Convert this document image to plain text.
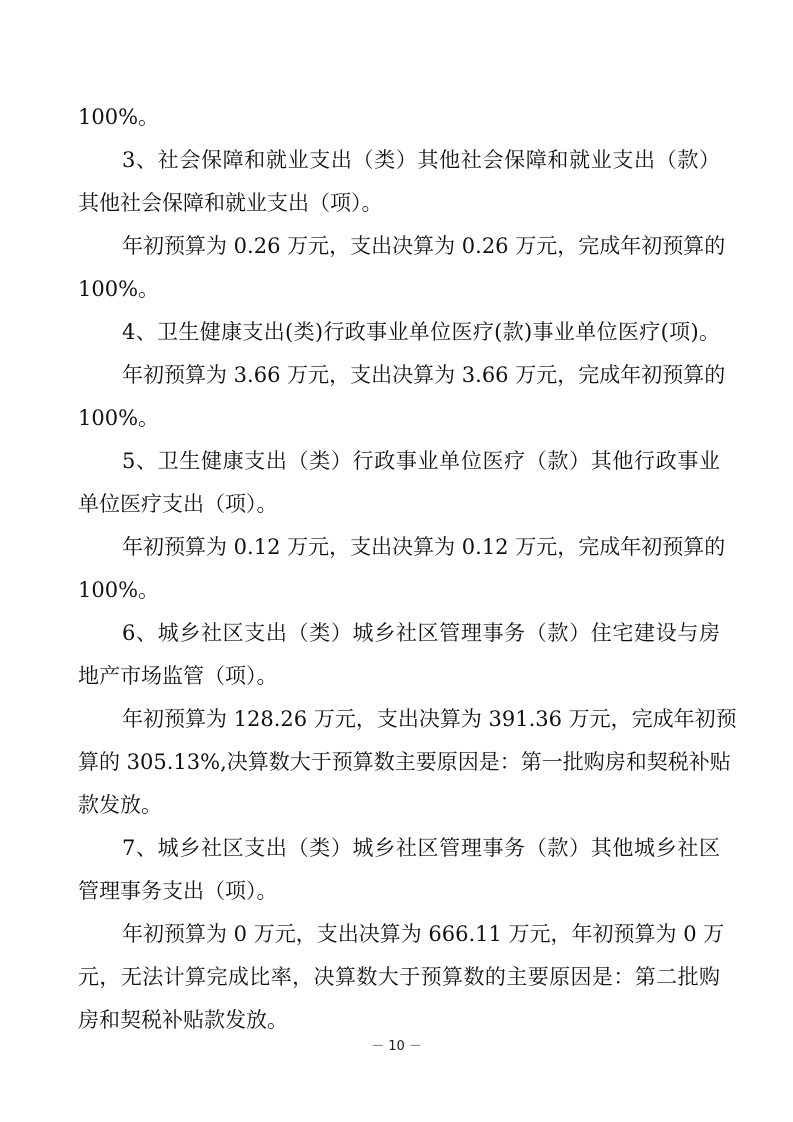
100%。
3、社会保障和就业支出（类）其他社会保障和就业支出（款）
其他社会保障和就业支出（项）。
年初预算为 0.26 万元，支出决算为 0.26 万元，完成年初预算的
100%。
4、卫生健康支出(类)行政事业单位医疗(款)事业单位医疗(项)。
年初预算为 3.66 万元，支出决算为 3.66 万元，完成年初预算的
100%。
5、卫生健康支出（类）行政事业单位医疗（款）其他行政事业
单位医疗支出（项）。
年初预算为 0.12 万元，支出决算为 0.12 万元，完成年初预算的
100%。
6、城乡社区支出（类）城乡社区管理事务（款）住宅建设与房
地产市场监管（项）。
年初预算为 128.26 万元，支出决算为 391.36 万元，完成年初预
算的 305.13%,决算数大于预算数主要原因是：第一批购房和契税补贴
款发放。
7、城乡社区支出（类）城乡社区管理事务（款）其他城乡社区
管理事务支出（项）。
年初预算为 0 万元，支出决算为 666.11 万元，年初预算为 0 万
元，无法计算完成比率，决算数大于预算数的主要原因是：第二批购
房和契税补贴款发放。
－ 10 －
